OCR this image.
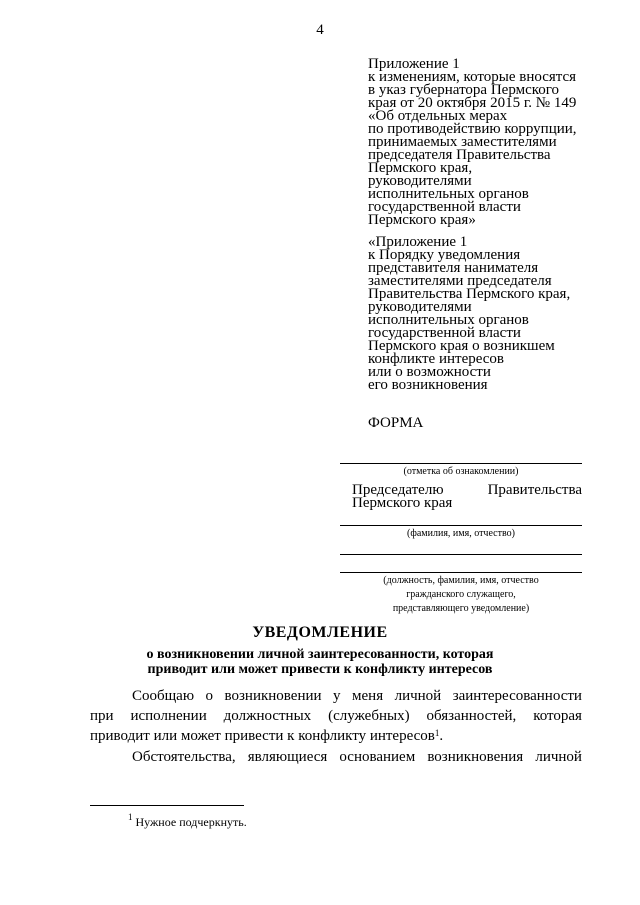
4
Приложение 1
к изменениям, которые вносятся
в указ губернатора Пермского
края от 20 октября 2015 г. № 149
«Об отдельных мерах
по противодействию коррупции,
принимаемых заместителями
председателя Правительства
Пермского края,
руководителями
исполнительных органов
государственной власти
Пермского края»
«Приложение 1
к Порядку уведомления
представителя нанимателя
заместителями председателя
Правительства Пермского края,
руководителями
исполнительных органов
государственной власти
Пермского края о возникшем
конфликте интересов
или о возможности
его возникновения
ФОРМА
(отметка об ознакомлении)
Председателю	Правительства
Пермского края
(фамилия, имя, отчество)
(должность, фамилия, имя, отчество
гражданского служащего,
представляющего уведомление)
УВЕДОМЛЕНИЕ
о возникновении личной заинтересованности, которая
приводит или может привести к конфликту интересов
Сообщаю о возникновении у меня личной заинтересованности
при исполнении должностных (служебных) обязанностей, которая
приводит или может привести к конфликту интересов$^1$.
Обстоятельства, являющиеся основанием возникновения личной
$^1$ Нужное подчеркнуть.
